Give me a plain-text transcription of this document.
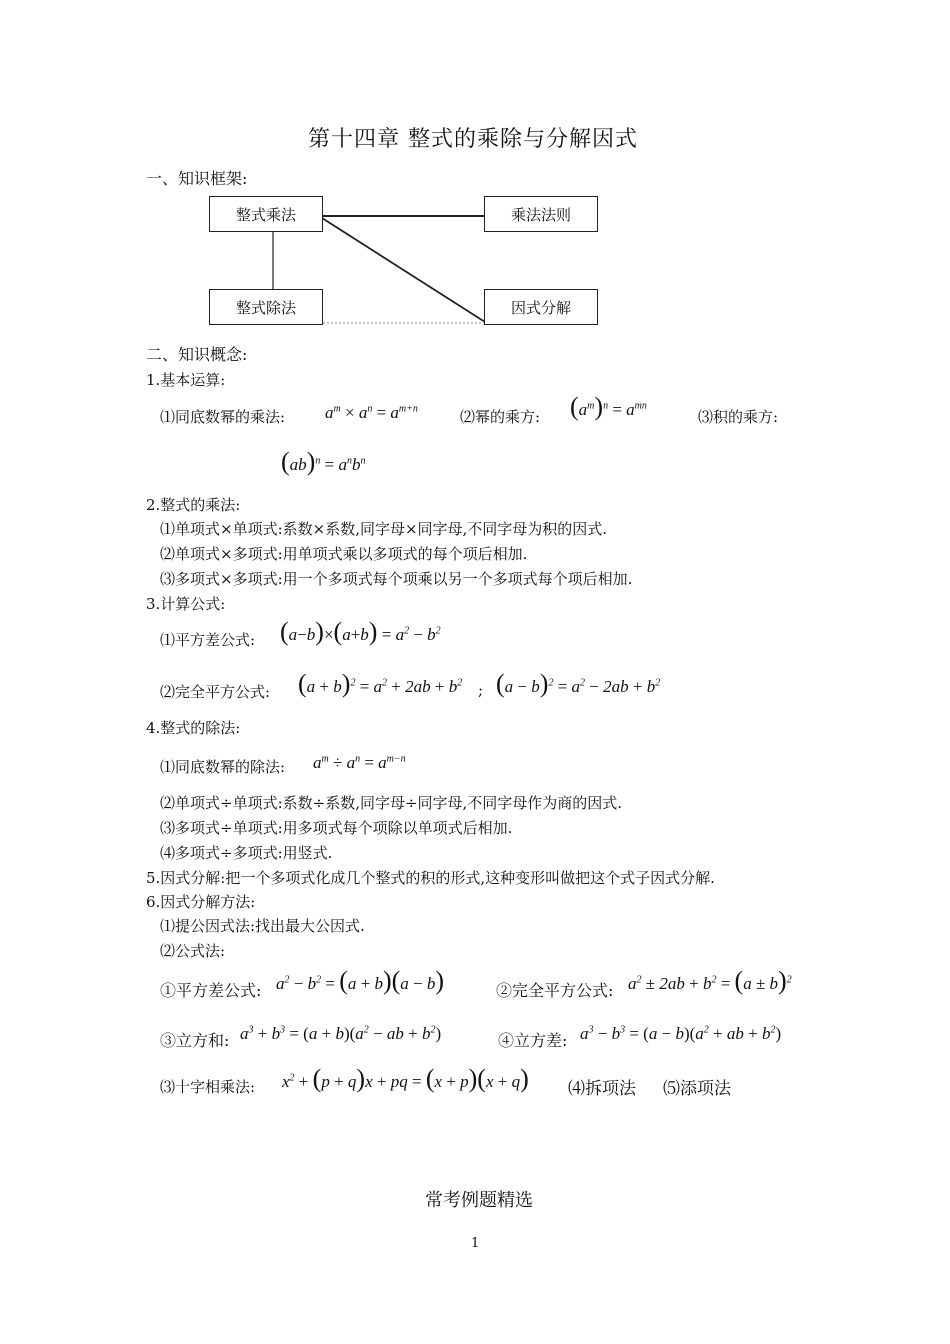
第十四章 整式的乘除与分解因式
一、知识框架:
整式乘法	乘法法则
整式除法	因式分解
二、知识概念:
1.基本运算:
⑴同底数幂的乘法: $a^m \times a^n = a^{m+n}$	⑵幂的乘方: $(a^m)^n = a^{mn}$
⑶积的乘方:
$(ab)^n = a^nb^n$
2.整式的乘法:
⑴单项式×单项式:系数×系数,同字母×同字母,不同字母为积的因式.
⑵单项式×多项式:用单项式乘以多项式的每个项后相加.
⑶多项式×多项式:用一个多项式每个项乘以另一个多项式每个项后相加.
3.计算公式:
⑴平方差公式: $(a-b)\times(a+b) = a^2 - b^2$
⑵完全平方公式: $(a + b)^2 = a^2 + 2ab + b^2$ ; $(a - b)^2 = a^2 - 2ab + b^2$
4.整式的除法:
⑴同底数幂的除法: $a^m \div a^n = a^{m-n}$
⑵单项式÷单项式:系数÷系数,同字母÷同字母,不同字母作为商的因式.
⑶多项式÷单项式:用多项式每个项除以单项式后相加.
⑷多项式÷多项式:用竖式.
5.因式分解:把一个多项式化成几个整式的积的形式,这种变形叫做把这个式子因式分解.
6.因式分解方法:
⑴提公因式法:找出最大公因式.
⑵公式法:
①平方差公式: $a^2 - b^2 = (a + b)(a - b)$	②完全平方公式: $a^2 \pm 2ab + b^2 = (a \pm b)^2$
③立方和: $a^3 + b^3 = (a + b)(a^2$ − ab + $b^2$)	④立方差: $a^3 - b^3 = (a - b)(a^2$ + ab + $b^2$)
⑶十字相乘法: $x^2 + (p + q)x$ + pq = (x + p)(x + q) ⑷拆项法 ⑸添项法
常考例题精选
1
